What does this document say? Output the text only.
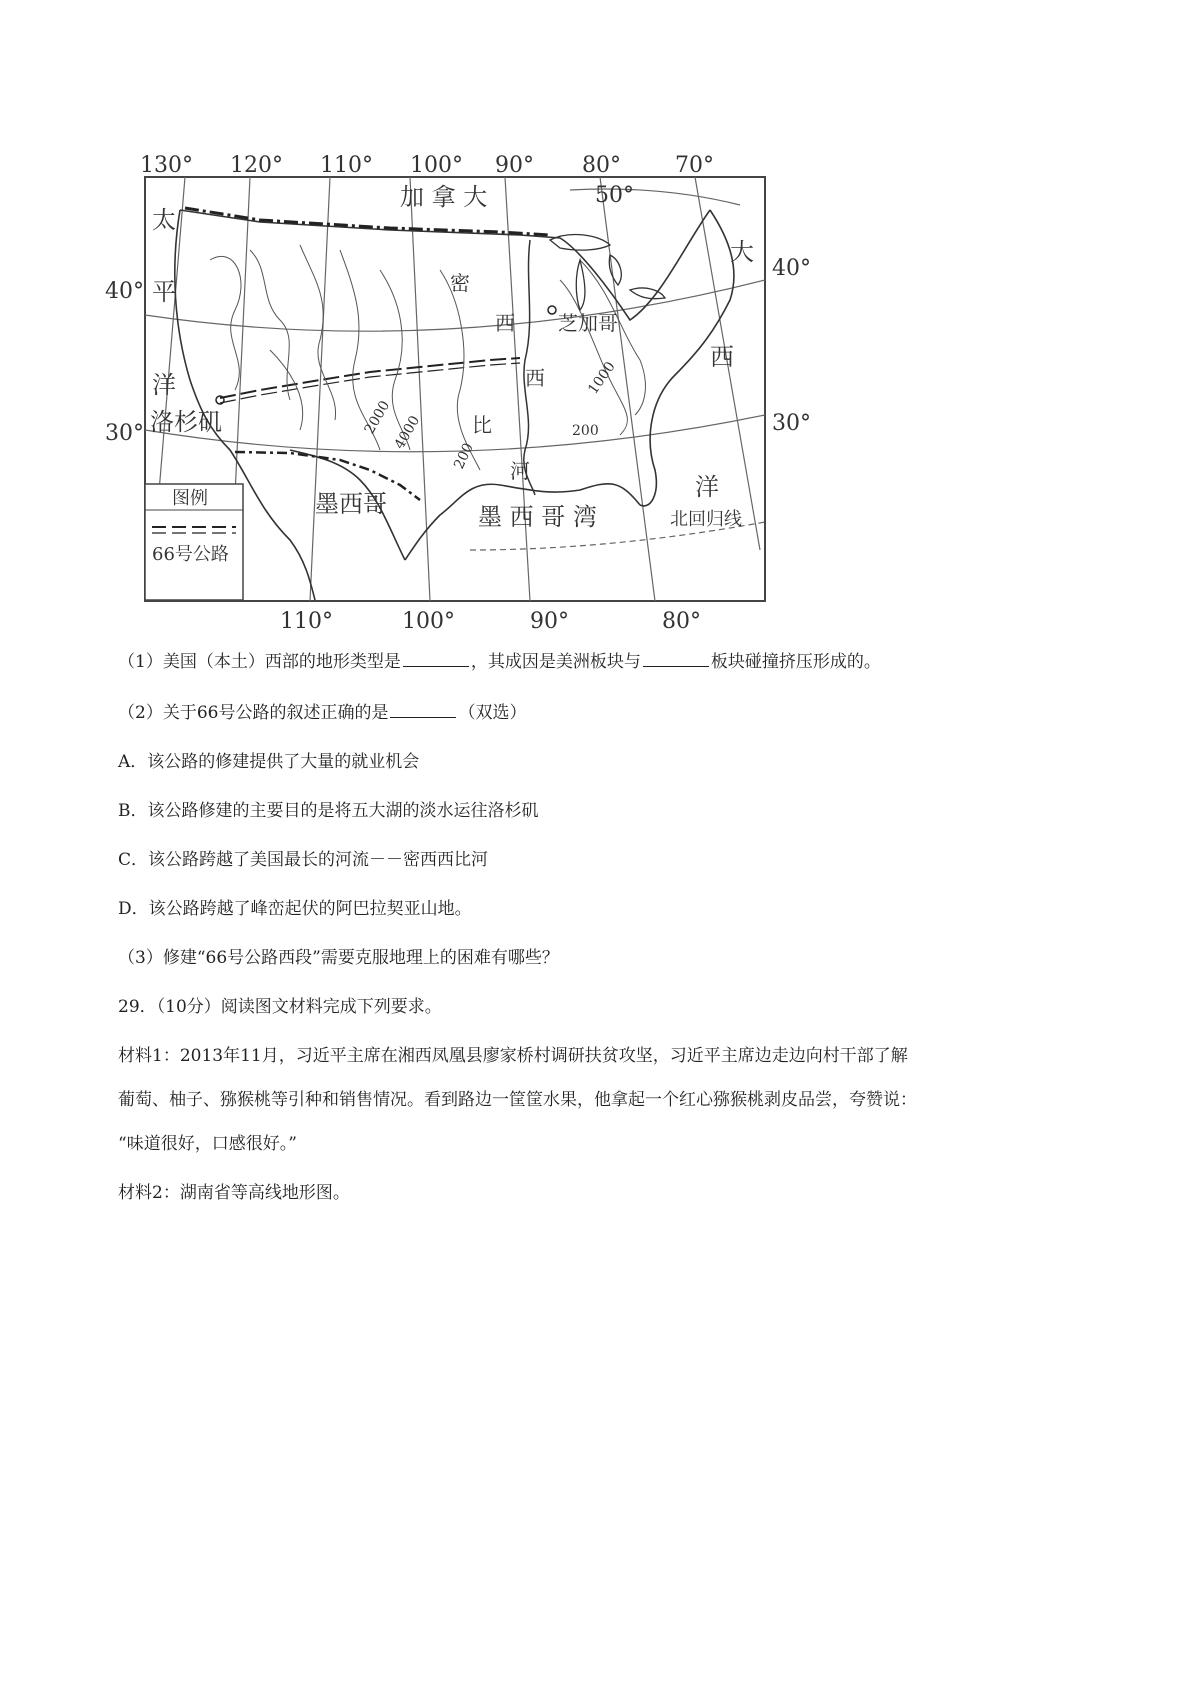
130° 120° 110° 100° 90° 80° 70°
110°	100°	90°	80°
40°
30°
40°
30°
50°
加 拿 大
太
平
洋
大
西
洋
洛杉矶
芝加哥
墨西哥	墨 西 哥 湾	北回归线
密
西
西
比
河
2000
4000
200
1000
200
图例
66号公路

（1）美国（本土）西部的地形类型是	，其成因是美洲板块与	板块碰撞挤压形成的。

（2）关于66号公路的叙述正确的是	（双选）

A．该公路的修建提供了大量的就业机会

B．该公路修建的主要目的是将五大湖的淡水运往洛杉矶

C．该公路跨越了美国最长的河流－－密西西比河

D．该公路跨越了峰峦起伏的阿巴拉契亚山地。

（3）修建“66号公路西段”需要克服地理上的困难有哪些？

29．（10分）阅读图文材料完成下列要求。

材料1：2013年11月，习近平主席在湘西凤凰县廖家桥村调研扶贫攻坚，习近平主席边走边向村干部了解

葡萄、柚子、猕猴桃等引种和销售情况。看到路边一筐筐水果，他拿起一个红心猕猴桃剥皮品尝，夸赞说：

“味道很好，口感很好。”

材料2：湖南省等高线地形图。
